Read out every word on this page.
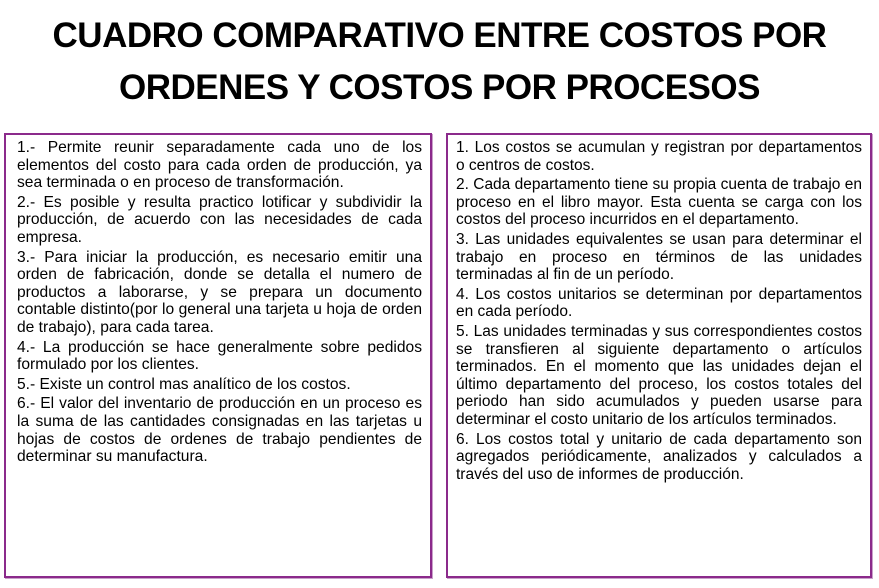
CUADRO COMPARATIVO ENTRE COSTOS POR
ORDENES Y COSTOS POR PROCESOS

1.- Permite reunir separadamente cada uno de los elementos del costo para cada orden de producción, ya sea terminada o en proceso de transformación.

2.- Es posible y resulta practico lotificar y subdividir la producción, de acuerdo con las necesidades de cada empresa.

3.- Para iniciar la producción, es necesario emitir una orden de fabricación, donde se detalla el numero de productos a laborarse, y se prepara un documento contable distinto(por lo general una tarjeta u hoja de orden de trabajo), para cada tarea.

4.- La producción se hace generalmente sobre pedidos formulado por los clientes.

5.- Existe un control mas analítico de los costos.

6.- El valor del inventario de producción en un proceso es la suma de las cantidades consignadas en las tarjetas u hojas de costos de ordenes de trabajo pendientes de determinar su manufactura.

1. Los costos se acumulan y registran por departamentos o centros de costos.

2. Cada departamento tiene su propia cuenta de trabajo en proceso en el libro mayor. Esta cuenta se carga con los costos del proceso incurridos en el departamento.

3. Las unidades equivalentes se usan para determinar el trabajo en proceso en términos de las unidades terminadas al fin de un período.

4. Los costos unitarios se determinan por departamentos en cada período.

5. Las unidades terminadas y sus correspondientes costos se transfieren al siguiente departamento o artículos terminados. En el momento que las unidades dejan el último departamento del proceso, los costos totales del periodo han sido acumulados y pueden usarse para determinar el costo unitario de los artículos terminados.

6. Los costos total y unitario de cada departamento son agregados periódicamente, analizados y calculados a través del uso de informes de producción.
